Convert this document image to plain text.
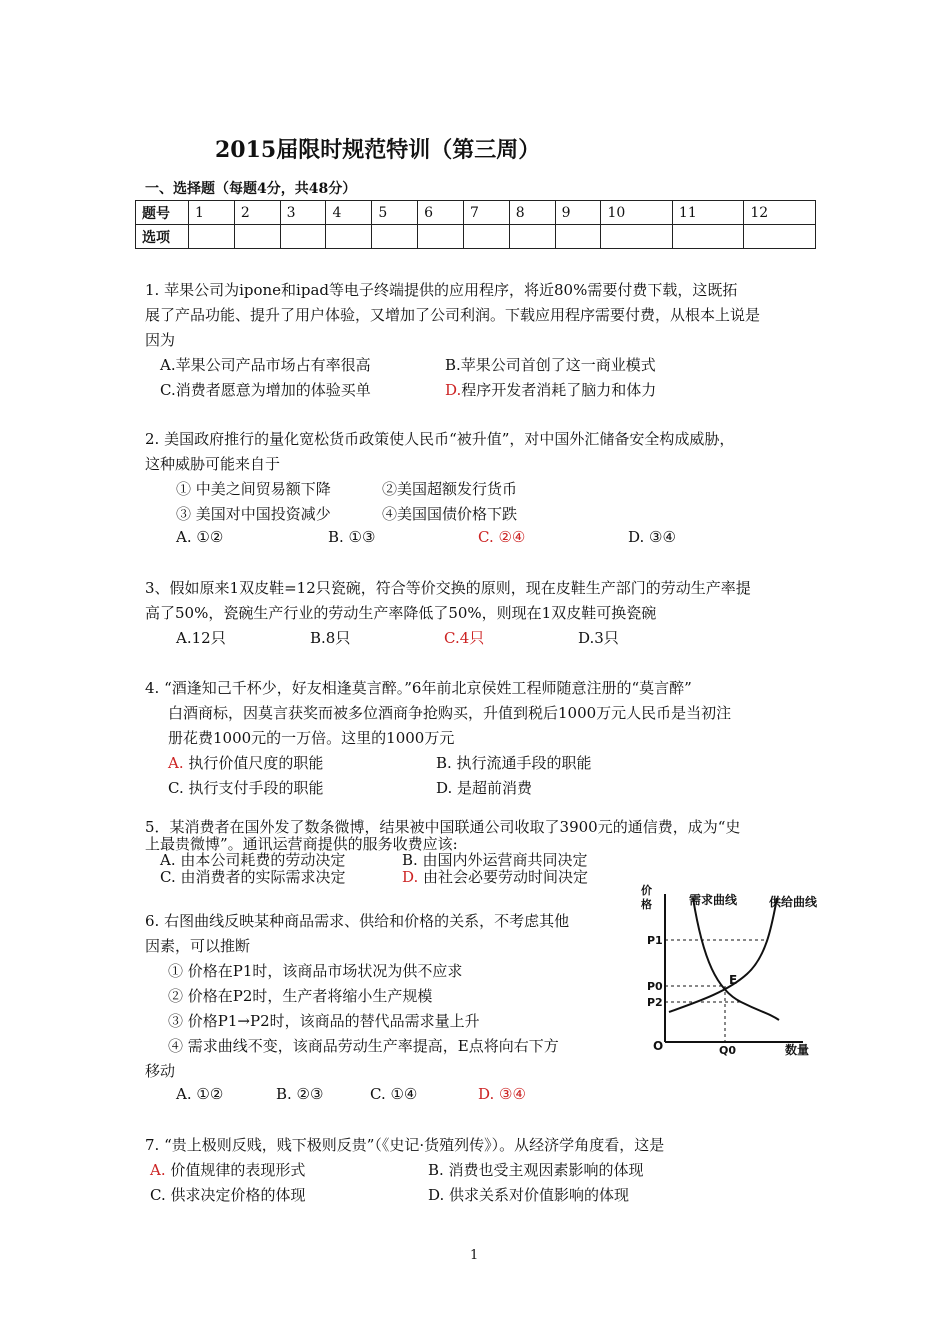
2015届限时规范特训（第三周）
一、选择题（每题4分，共48分）
题号	1	2	3	4	5	6	7	8	9	10	11	12
选项												
1. 苹果公司为ipone和ipad等电子终端提供的应用程序，将近80%需要付费下载，这既拓
展了产品功能、提升了用户体验，又增加了公司利润。下载应用程序需要付费，从根本上说是
因为
A.苹果公司产品市场占有率很高	B.苹果公司首创了这一商业模式
C.消费者愿意为增加的体验买单	D.程序开发者消耗了脑力和体力
2. 美国政府推行的量化宽松货币政策使人民币“被升值”，对中国外汇储备安全构成威胁，
这种威胁可能来自于
① 中美之间贸易额下降	②美国超额发行货币
③ 美国对中国投资减少	④美国国债价格下跌
A. ①②	B. ①③	C. ②④	D. ③④
3、假如原来1双皮鞋=12只瓷碗，符合等价交换的原则，现在皮鞋生产部门的劳动生产率提
高了50%，瓷碗生产行业的劳动生产率降低了50%，则现在1双皮鞋可换瓷碗
A.12只	B.8只	C.4只	D.3只
4. “酒逢知己千杯少，好友相逢莫言醉。”6年前北京侯姓工程师随意注册的“莫言醉”
白酒商标，因莫言获奖而被多位酒商争抢购买，升值到税后1000万元人民币是当初注
册花费1000元的一万倍。这里的1000万元
A. 执行价值尺度的职能	B. 执行流通手段的职能
C. 执行支付手段的职能	D. 是超前消费
5．某消费者在国外发了数条微博，结果被中国联通公司收取了3900元的通信费，成为“史
上最贵微博”。通讯运营商提供的服务收费应该:
A. 由本公司耗费的劳动决定	B. 由国内外运营商共同决定
C. 由消费者的实际需求决定	D. 由社会必要劳动时间决定
6. 右图曲线反映某种商品需求、供给和价格的关系，不考虑其他
因素，可以推断
① 价格在P1时，该商品市场状况为供不应求
② 价格在P2时，生产者将缩小生产规模
③ 价格P1→P2时，该商品的替代品需求量上升
④ 需求曲线不变，该商品劳动生产率提高，E点将向右下方
移动
A. ①②	B. ②③	C. ①④	D. ③④
价
格
数量
需求曲线	供给曲线
P1
P0
P2
O	Q0
E
7. “贵上极则反贱，贱下极则反贵”（《史记·货殖列传》）。从经济学角度看，这是
A. 价值规律的表现形式	B. 消费也受主观因素影响的体现
C. 供求决定价格的体现	D. 供求关系对价值影响的体现
1
